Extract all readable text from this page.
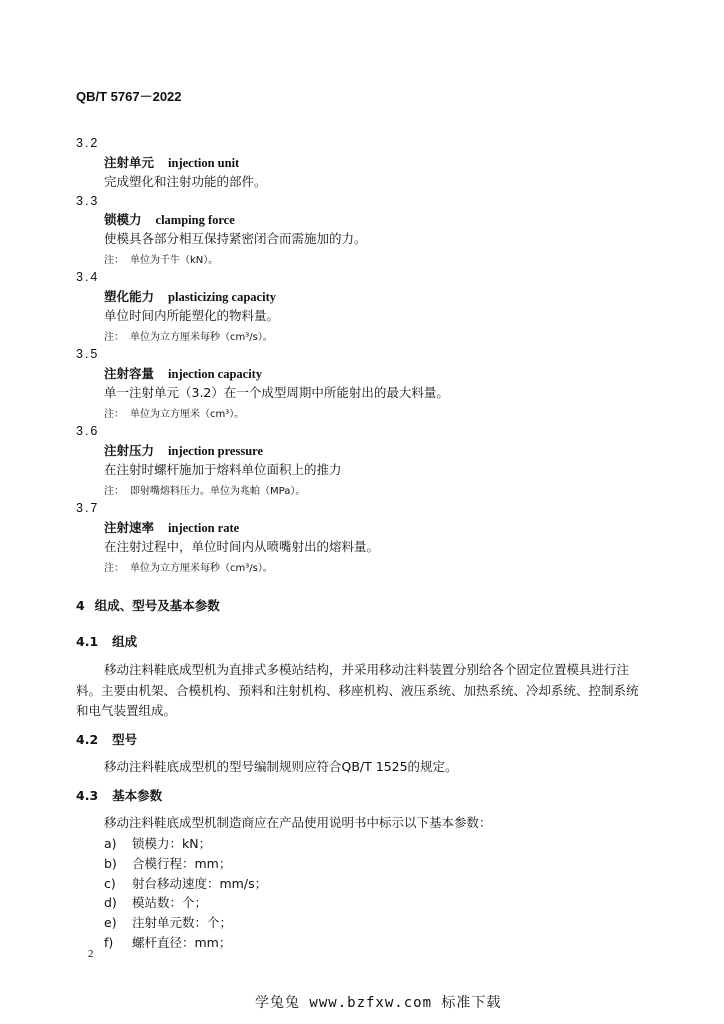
QB/T 5767－2022
3.2
注射单元 injection unit
完成塑化和注射功能的部件。
3.3
锁模力 clamping force
使模具各部分相互保持紧密闭合而需施加的力。
注： 单位为千牛（kN）。
3.4
塑化能力 plasticizing capacity
单位时间内所能塑化的物料量。
注： 单位为立方厘米每秒（cm³/s）。
3.5
注射容量 injection capacity
单一注射单元（3.2）在一个成型周期中所能射出的最大料量。
注： 单位为立方厘米（cm³）。
3.6
注射压力 injection pressure
在注射时螺杆施加于熔料单位面积上的推力
注： 即射嘴熔料压力。单位为兆帕（MPa）。
3.7
注射速率 injection rate
在注射过程中，单位时间内从喷嘴射出的熔料量。
注： 单位为立方厘米每秒（cm³/s）。
4 组成、型号及基本参数
4.1 组成
移动注料鞋底成型机为直排式多模站结构，并采用移动注料装置分别给各个固定位置模具进行注
料。主要由机架、合模机构、预料和注射机构、移座机构、液压系统、加热系统、冷却系统、控制系统
和电气装置组成。
4.2 型号
移动注料鞋底成型机的型号编制规则应符合QB/T 1525的规定。
4.3 基本参数
移动注料鞋底成型机制造商应在产品使用说明书中标示以下基本参数：
a) 锁模力：kN；
b) 合模行程：mm；
c) 射台移动速度：mm/s；
d) 模站数：个；
e) 注射单元数：个；
f) 螺杆直径：mm；
2
学兔兔 www.bzfxw.com 标准下载
